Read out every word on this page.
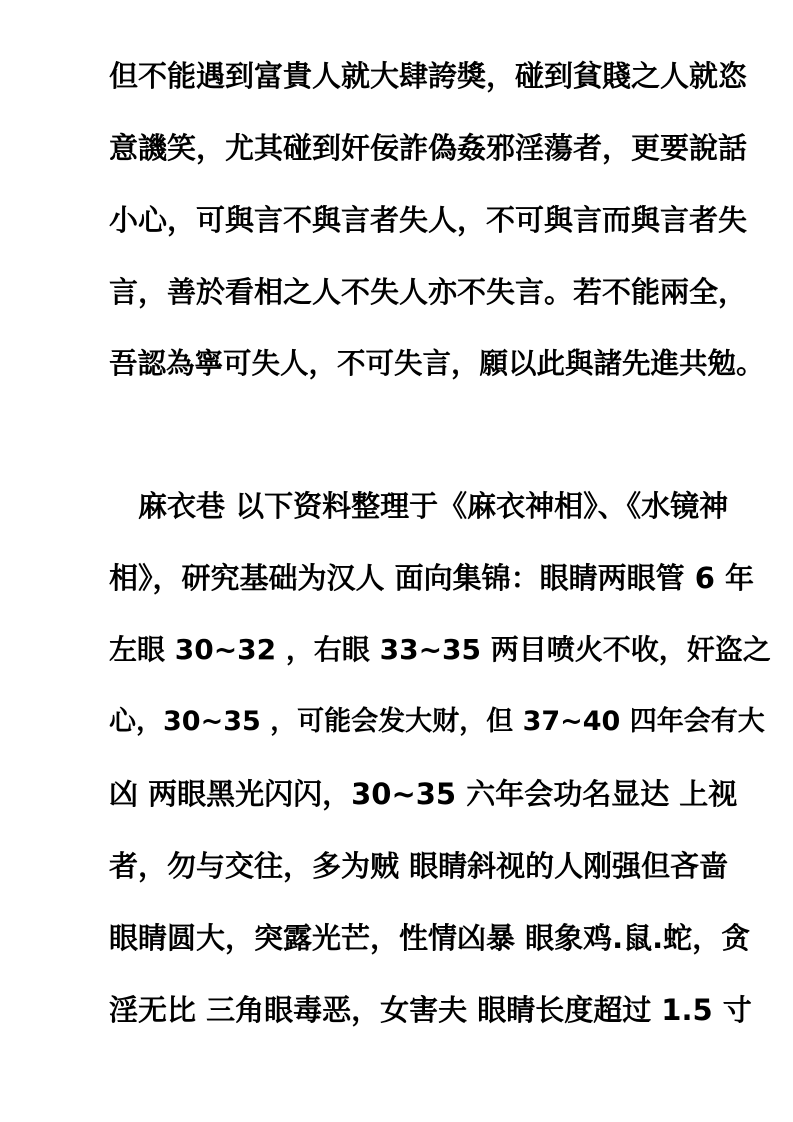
但不能遇到富貴人就大肆誇獎，碰到貧賤之人就恣
意譏笑，尤其碰到奸佞詐偽姦邪淫蕩者，更要說話
小心，可與言不與言者失人，不可與言而與言者失
言，善於看相之人不失人亦不失言。若不能兩全，
吾認為寧可失人，不可失言，願以此與諸先進共勉。
　麻衣巷 以下资料整理于《麻衣神相》、《水镜神
相》，研究基础为汉人 面向集锦：眼睛两眼管 6 年
左眼 30~32 ，右眼 33~35 两目喷火不收，奸盗之
心，30~35 ，可能会发大财，但 37~40 四年会有大
凶 两眼黑光闪闪，30~35 六年会功名显达 上视
者，勿与交往，多为贼 眼睛斜视的人刚强但吝啬
眼睛圆大，突露光芒，性情凶暴 眼象鸡.鼠.蛇，贪
淫无比 三角眼毒恶，女害夫 眼睛长度超过 1.5 寸
